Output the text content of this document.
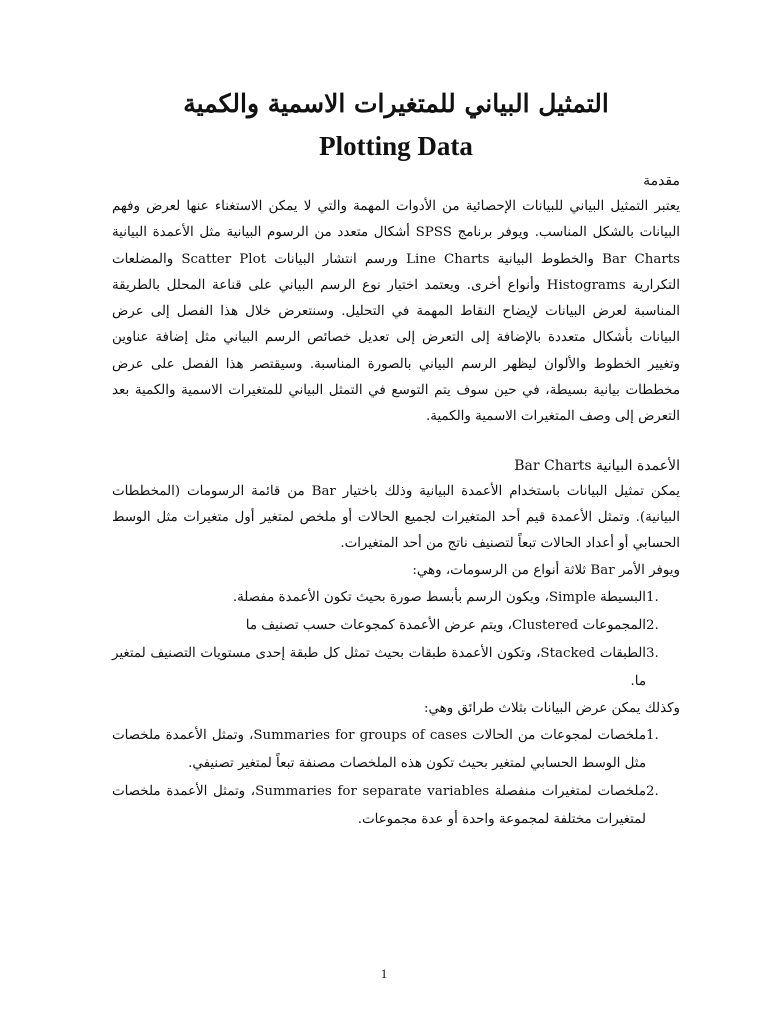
التمثيل البياني للمتغيرات الاسمية والكمية
Plotting Data

مقدمة

يعتبر التمثيل البياني للبيانات الإحصائية من الأدوات المهمة والتي لا يمكن الاستغناء عنها لعرض وفهم البيانات بالشكل المناسب. ويوفر برنامج SPSS أشكال متعدد من الرسوم البيانية مثل الأعمدة البيانية Bar Charts والخطوط البيانية Line Charts ورسم انتشار البيانات Scatter Plot والمضلعات التكرارية Histograms وأنواع أخرى. ويعتمد اختيار نوع الرسم البياني على قناعة المحلل بالطريقة المناسبة لعرض البيانات لإيضاح النقاط المهمة في التحليل. وسنتعرض خلال هذا الفصل إلى عرض البيانات بأشكال متعددة بالإضافة إلى التعرض إلى تعديل خصائص الرسم البياني مثل إضافة عناوين وتغيير الخطوط والألوان ليظهر الرسم البياني بالصورة المناسبة. وسيقتصر هذا الفصل على عرض مخططات بيانية بسيطة، في حين سوف يتم التوسع في التمثل البياني للمتغيرات الاسمية والكمية بعد التعرض إلى وصف المتغيرات الاسمية والكمية.

الأعمدة البيانية Bar Charts

يمكن تمثيل البيانات باستخدام الأعمدة البيانية وذلك باختيار Bar من قائمة الرسومات (المخططات البيانية). وتمثل الأعمدة قيم أحد المتغيرات لجميع الحالات أو ملخص لمتغير أول متغيرات مثل الوسط الحسابي أو أعداد الحالات تبعاً لتصنيف ناتج من أحد المتغيرات.

ويوفر الأمر Bar ثلاثة أنواع من الرسومات، وهي:

1.
البسيطة Simple، ويكون الرسم بأبسط صورة بحيث تكون الأعمدة مفصلة.
2.
المجموعات Clustered، ويتم عرض الأعمدة كمجوعات حسب تصنيف ما
3.
الطبقات Stacked، وتكون الأعمدة طبقات بحيث تمثل كل طبقة إحدى مستويات التصنيف لمتغير ما.

وكذلك يمكن عرض البيانات بثلاث طرائق وهي:

1.
ملخصات لمجوعات من الحالات Summaries for groups of cases، وتمثل الأعمدة ملخصات مثل الوسط الحسابي لمتغير بحيث تكون هذه الملخصات مصنفة تبعاً لمتغير تصنيفي.
2.
ملخصات لمتغيرات منفصلة Summaries for separate variables، وتمثل الأعمدة ملخصات لمتغيرات مختلفة لمجموعة واحدة أو عدة مجموعات.
1
